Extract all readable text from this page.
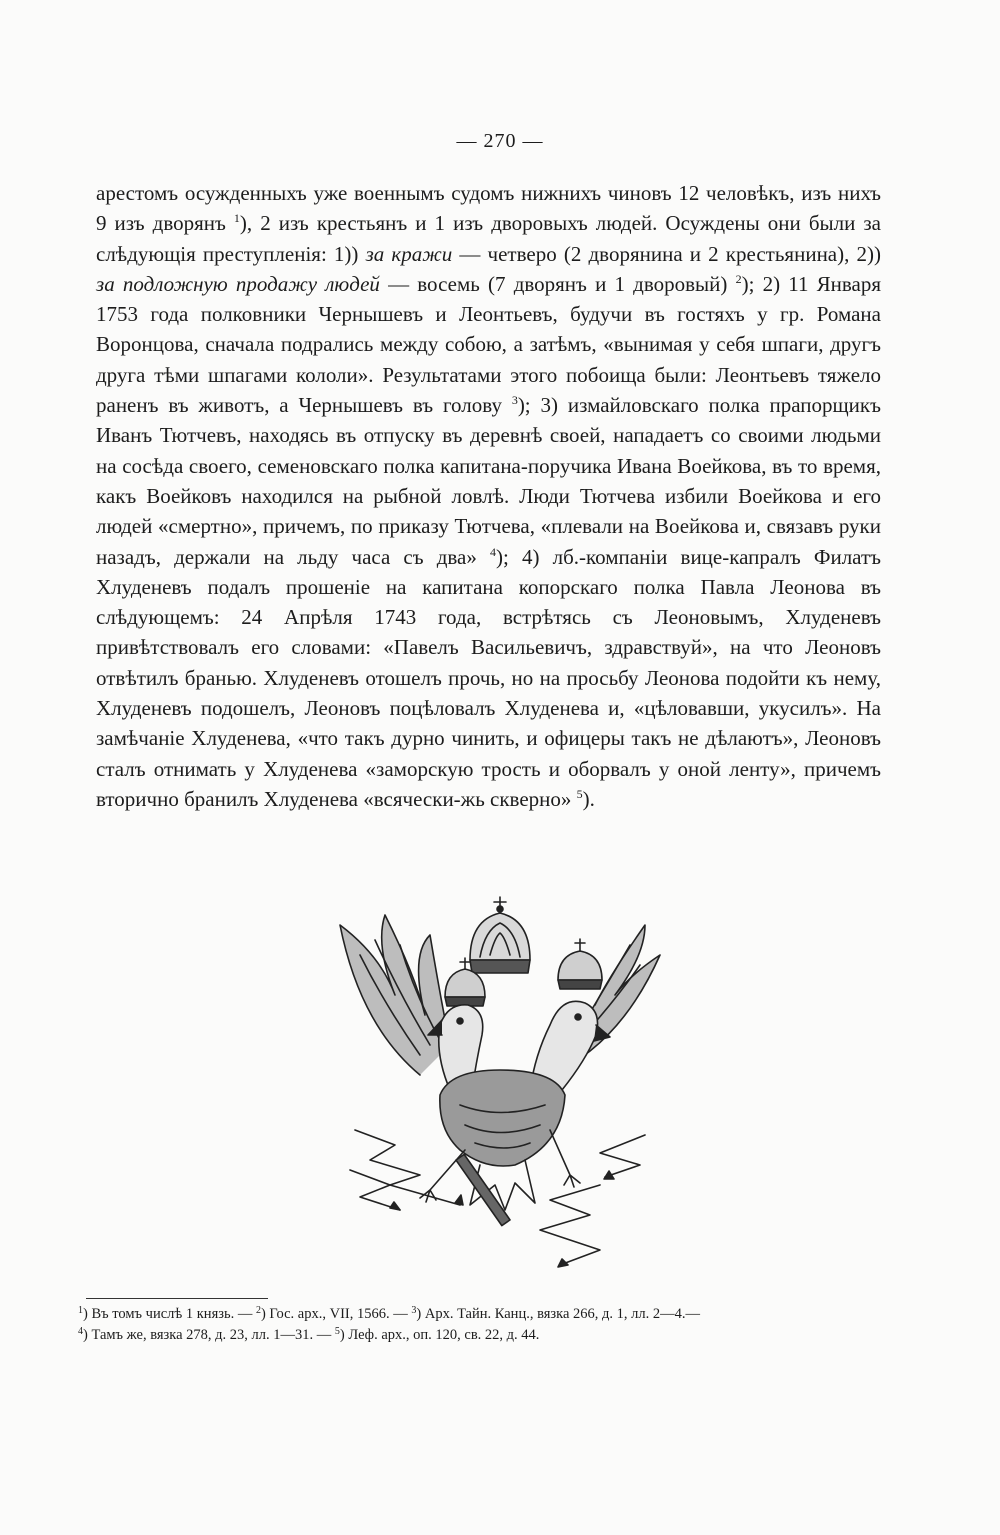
— 270 —

арестомъ осужденныхъ уже военнымъ судомъ нижнихъ чиновъ 12 человѣкъ, изъ нихъ 9 изъ дворянъ $^1$), 2 изъ крестьянъ и 1 изъ дворовыхъ людей. Осуждены они были за слѣдующія преступленія: 1)) за кражи — четверо (2 дворянина и 2 крестьянина), 2)) за подложную продажу людей — восемь (7 дворянъ и 1 дворовый) $^2$); 2) 11 Января 1753 года полковники Чернышевъ и Леонтьевъ, будучи въ гостяхъ у гр. Романа Воронцова, сначала подрались между собою, а затѣмъ, «вынимая у себя шпаги, другъ друга тѣми шпагами кололи». Результатами этого побоища были: Леонтьевъ тяжело раненъ въ животъ, а Чернышевъ въ голову $^3$); 3) измайловскаго полка прапорщикъ Иванъ Тютчевъ, находясь въ отпуску въ деревнѣ своей, нападаетъ со своими людьми на сосѣда своего, семеновскаго полка капитана-поручика Ивана Воейкова, въ то время, какъ Воейковъ находился на рыбной ловлѣ. Люди Тютчева избили Воейкова и его людей «смертно», причемъ, по приказу Тютчева, «плевали на Воейкова и, связавъ руки назадъ, держали на льду часа съ два» $^4$); 4) лб.-компаніи вице-капралъ Филатъ Хлуденевъ подалъ прошеніе на капитана копорскаго полка Павла Леонова въ слѣдующемъ: 24 Апрѣля 1743 года, встрѣтясь съ Леоновымъ, Хлуденевъ привѣтствовалъ его словами: «Павелъ Васильевичъ, здравствуй», на что Леоновъ отвѣтилъ бранью. Хлуденевъ отошелъ прочь, но на просьбу Леонова подойти къ нему, Хлуденевъ подошелъ, Леоновъ поцѣловалъ Хлуденева и, «цѣловавши, укусилъ». На замѣчаніе Хлуденева, «что такъ дурно чинить, и офицеры такъ не дѣлаютъ», Леоновъ сталъ отнимать у Хлуденева «заморскую трость и оборвалъ у оной ленту», причемъ вторично бранилъ Хлуденева «всячески-жь скверно» $^5$).

$^1$) Въ томъ числѣ 1 князь. — $^2$) Гос. арх., VII, 1566. — $^3$) Арх. Тайн. Канц., вязка 266, д. 1, лл. 2—4.—
$^4$) Тамъ же, вязка 278, д. 23, лл. 1—31. — $^5$) Леф. арх., оп. 120, св. 22, д. 44.
